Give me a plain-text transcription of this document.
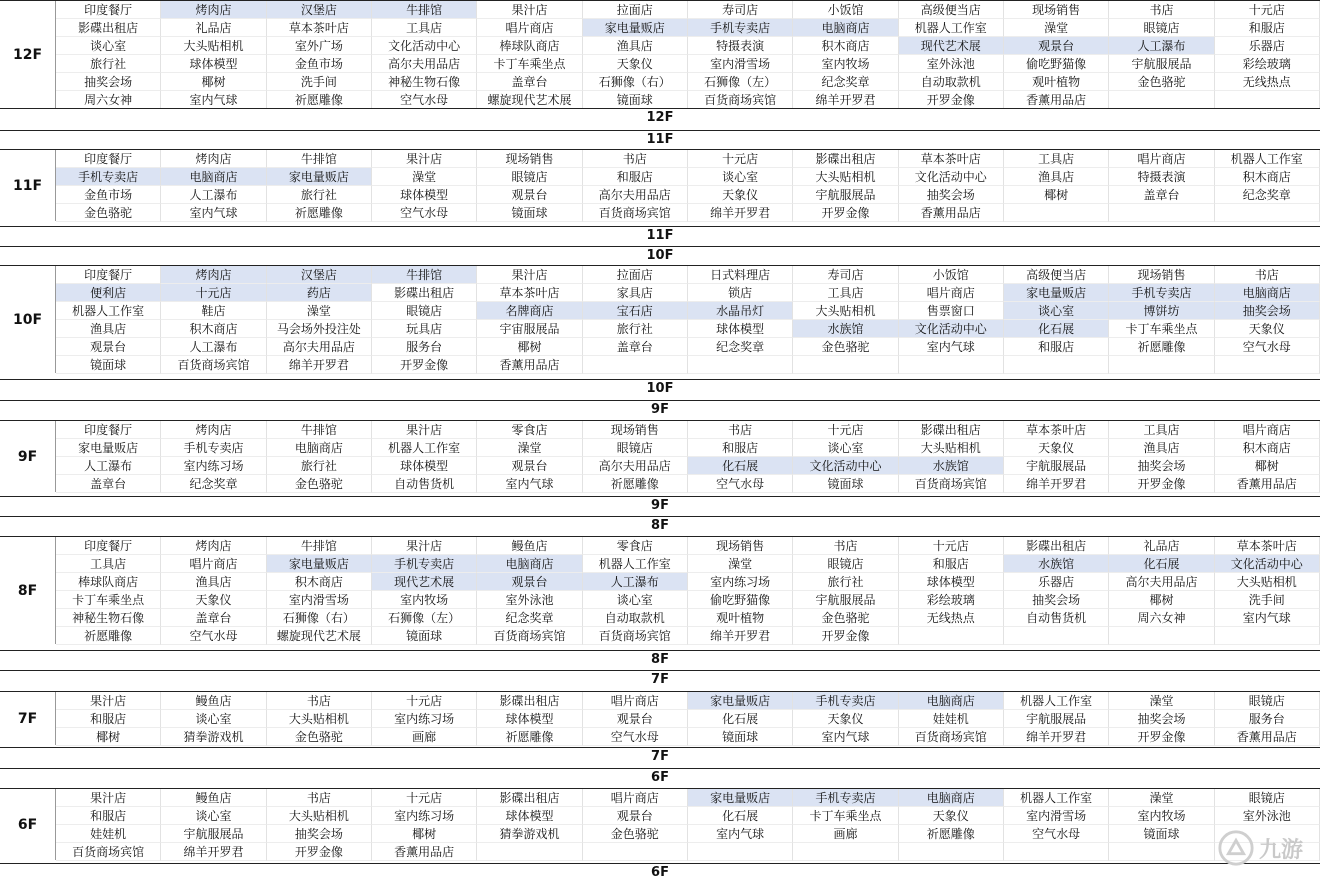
12F
印度餐厅	烤肉店	汉堡店	牛排馆	果汁店	拉面店	寿司店	小饭馆	高级便当店	现场销售	书店	十元店
影碟出租店	礼品店	草本茶叶店	工具店	唱片商店	家电量贩店	手机专卖店	电脑商店	机器人工作室	澡堂	眼镜店	和服店
谈心室	大头贴相机	室外广场	文化活动中心	棒球队商店	渔具店	特摄表演	积木商店	现代艺术展	观景台	人工瀑布	乐器店
旅行社	球体模型	金鱼市场	高尔夫用品店	卡丁车乘坐点	天象仪	室内滑雪场	室内牧场	室外泳池	偷吃野猫像	宇航服展品	彩绘玻璃
抽奖会场	椰树	洗手间	神秘生物石像	盖章台	石狮像（右）	石狮像（左）	纪念奖章	自动取款机	观叶植物	金色骆驼	无线热点
周六女神	室内气球	祈愿雕像	空气水母	螺旋现代艺术展	镜面球	百货商场宾馆	绵羊开罗君	开罗金像	香薰用品店
12F
11F
11F
印度餐厅	烤肉店	牛排馆	果汁店	现场销售	书店	十元店	影碟出租店	草本茶叶店	工具店	唱片商店	机器人工作室
手机专卖店	电脑商店	家电量贩店	澡堂	眼镜店	和服店	谈心室	大头贴相机	文化活动中心	渔具店	特摄表演	积木商店
金鱼市场	人工瀑布	旅行社	球体模型	观景台	高尔夫用品店	天象仪	宇航服展品	抽奖会场	椰树	盖章台	纪念奖章
金色骆驼	室内气球	祈愿雕像	空气水母	镜面球	百货商场宾馆	绵羊开罗君	开罗金像	香薰用品店
11F
10F
10F
印度餐厅	烤肉店	汉堡店	牛排馆	果汁店	拉面店	日式料理店	寿司店	小饭馆	高级便当店	现场销售	书店
便利店	十元店	药店	影碟出租店	草本茶叶店	家具店	锁店	工具店	唱片商店	家电量贩店	手机专卖店	电脑商店
机器人工作室	鞋店	澡堂	眼镜店	名牌商店	宝石店	水晶吊灯	大头贴相机	售票窗口	谈心室	博饼坊	抽奖会场
渔具店	积木商店	马会场外投注处	玩具店	宇宙服展品	旅行社	球体模型	水族馆	文化活动中心	化石展	卡丁车乘坐点	天象仪
观景台	人工瀑布	高尔夫用品店	服务台	椰树	盖章台	纪念奖章	金色骆驼	室内气球	和服店	祈愿雕像	空气水母
镜面球	百货商场宾馆	绵羊开罗君	开罗金像	香薰用品店
10F
9F
9F
印度餐厅	烤肉店	牛排馆	果汁店	零食店	现场销售	书店	十元店	影碟出租店	草本茶叶店	工具店	唱片商店
家电量贩店	手机专卖店	电脑商店	机器人工作室	澡堂	眼镜店	和服店	谈心室	大头贴相机	天象仪	渔具店	积木商店
人工瀑布	室内练习场	旅行社	球体模型	观景台	高尔夫用品店	化石展	文化活动中心	水族馆	宇航服展品	抽奖会场	椰树
盖章台	纪念奖章	金色骆驼	自动售货机	室内气球	祈愿雕像	空气水母	镜面球	百货商场宾馆	绵羊开罗君	开罗金像	香薰用品店
9F
8F
8F
印度餐厅	烤肉店	牛排馆	果汁店	鳗鱼店	零食店	现场销售	书店	十元店	影碟出租店	礼品店	草本茶叶店
工具店	唱片商店	家电量贩店	手机专卖店	电脑商店	机器人工作室	澡堂	眼镜店	和服店	水族馆	化石展	文化活动中心
棒球队商店	渔具店	积木商店	现代艺术展	观景台	人工瀑布	室内练习场	旅行社	球体模型	乐器店	高尔夫用品店	大头贴相机
卡丁车乘坐点	天象仪	室内滑雪场	室内牧场	室外泳池	谈心室	偷吃野猫像	宇航服展品	彩绘玻璃	抽奖会场	椰树	洗手间
神秘生物石像	盖章台	石狮像（右）	石狮像（左）	纪念奖章	自动取款机	观叶植物	金色骆驼	无线热点	自动售货机	周六女神	室内气球
祈愿雕像	空气水母	螺旋现代艺术展	镜面球	百货商场宾馆	百货商场宾馆	绵羊开罗君	开罗金像
8F
7F
7F
果汁店	鳗鱼店	书店	十元店	影碟出租店	唱片商店	家电量贩店	手机专卖店	电脑商店	机器人工作室	澡堂	眼镜店
和服店	谈心室	大头贴相机	室内练习场	球体模型	观景台	化石展	天象仪	娃娃机	宇航服展品	抽奖会场	服务台
椰树	猜拳游戏机	金色骆驼	画廊	祈愿雕像	空气水母	镜面球	室内气球	百货商场宾馆	绵羊开罗君	开罗金像	香薰用品店
7F
6F
6F
果汁店	鳗鱼店	书店	十元店	影碟出租店	唱片商店	家电量贩店	手机专卖店	电脑商店	机器人工作室	澡堂	眼镜店
和服店	谈心室	大头贴相机	室内练习场	球体模型	观景台	化石展	卡丁车乘坐点	天象仪	室内滑雪场	室内牧场	室外泳池
娃娃机	宇航服展品	抽奖会场	椰树	猜拳游戏机	金色骆驼	室内气球	画廊	祈愿雕像	空气水母	镜面球
百货商场宾馆	绵羊开罗君	开罗金像	香薰用品店
6F
九游
